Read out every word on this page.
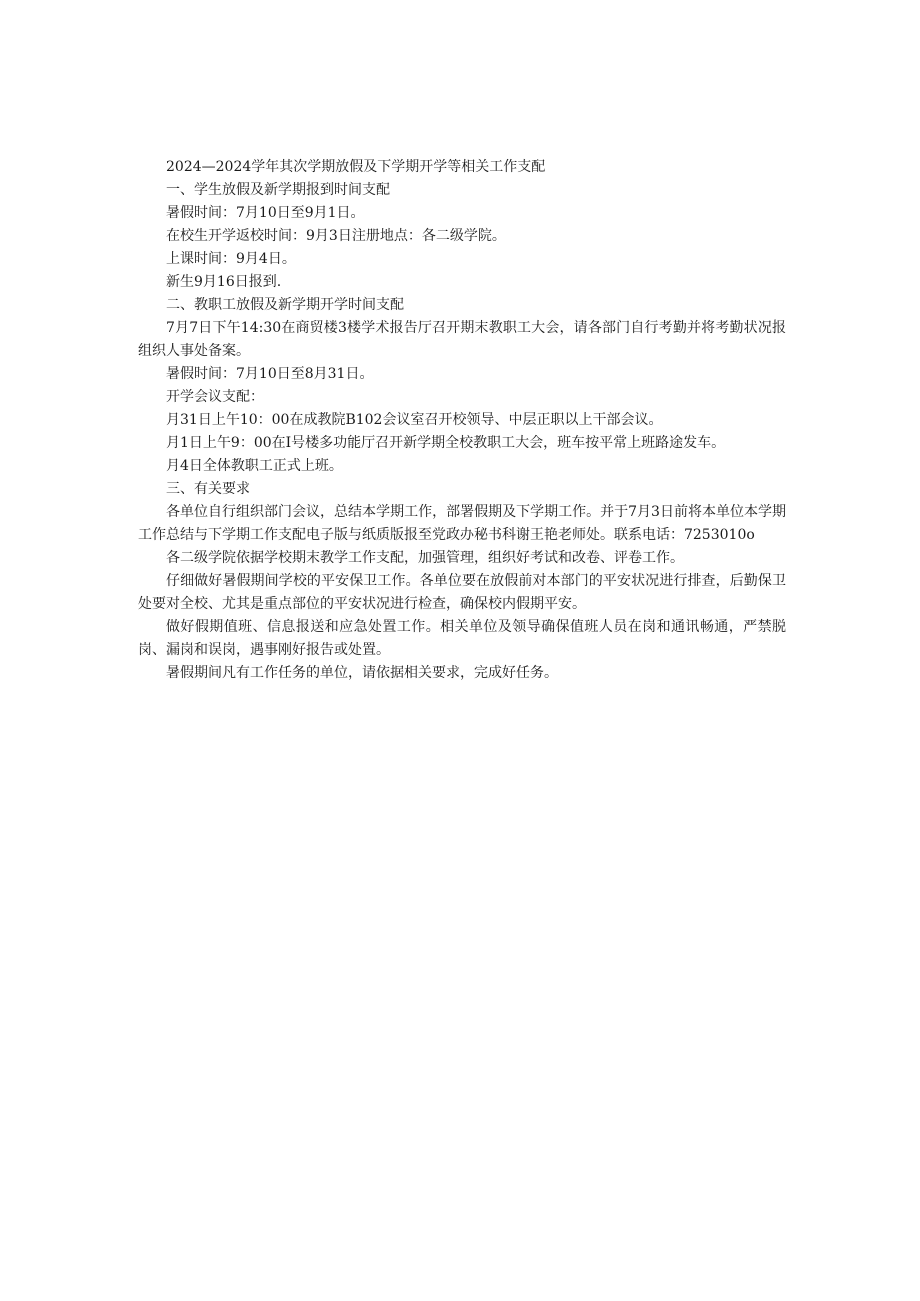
2024—2024学年其次学期放假及下学期开学等相关工作支配

一、学生放假及新学期报到时间支配

暑假时间：7月10日至9月1日。

在校生开学返校时间：9月3日注册地点：各二级学院。

上课时间：9月4日。

新生9月16日报到.

二、教职工放假及新学期开学时间支配

7月7日下午14:30在商贸楼3楼学术报告厅召开期末教职工大会，请各部门自行考勤并将考勤状况报组织人事处备案。

暑假时间：7月10日至8月31日。

开学会议支配：

月31日上午10：00在成教院B102会议室召开校领导、中层正职以上干部会议。

月1日上午9：00在I号楼多功能厅召开新学期全校教职工大会，班车按平常上班路途发车。

月4日全体教职工正式上班。

三、有关要求

各单位自行组织部门会议，总结本学期工作，部署假期及下学期工作。并于7月3日前将本单位本学期工作总结与下学期工作支配电子版与纸质版报至党政办秘书科谢王艳老师处。联系电话：7253010o

各二级学院依据学校期末教学工作支配，加强管理，组织好考试和改卷、评卷工作。

仔细做好暑假期间学校的平安保卫工作。各单位要在放假前对本部门的平安状况进行排查，后勤保卫处要对全校、尤其是重点部位的平安状况进行检查，确保校内假期平安。

做好假期值班、信息报送和应急处置工作。相关单位及领导确保值班人员在岗和通讯畅通，严禁脱岗、漏岗和误岗，遇事刚好报告或处置。

暑假期间凡有工作任务的单位，请依据相关要求，完成好任务。
